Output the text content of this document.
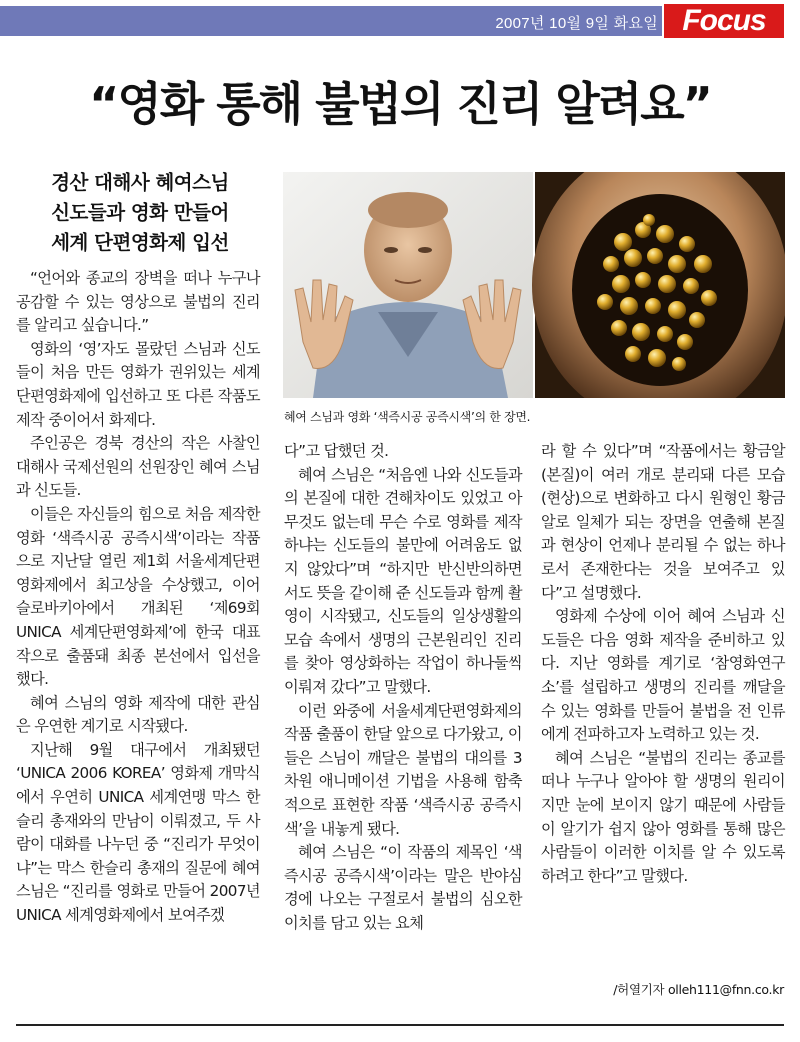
2007년 10월 9일 화요일 Focus
“영화 통해 불법의 진리 알려요”
경산 대해사 혜여스님
신도들과 영화 만들어
세계 단편영화제 입선
혜여 스님과 영화 ‘색즉시공 공즉시색’의 한 장면.

“언어와 종교의 장벽을 떠나 누구나 공감할 수 있는 영상으로 불법의 진리를 알리고 싶습니다.”

영화의 ‘영’자도 몰랐던 스님과 신도들이 처음 만든 영화가 권위있는 세계단편영화제에 입선하고 또 다른 작품도 제작 중이어서 화제다.

주인공은 경북 경산의 작은 사찰인 대해사 국제선원의 선원장인 혜여 스님과 신도들.

이들은 자신들의 힘으로 처음 제작한 영화 ‘색즉시공 공즉시색’이라는 작품으로 지난달 열린 제1회 서울세계단편영화제에서 최고상을 수상했고, 이어 슬로바키아에서 개최된 ‘제69회 UNICA 세계단편영화제’에 한국 대표작으로 출품돼 최종 본선에서 입선을 했다.

혜여 스님의 영화 제작에 대한 관심은 우연한 계기로 시작됐다.

지난해 9월 대구에서 개최됐던 ‘UNICA 2006 KOREA’ 영화제 개막식에서 우연히 UNICA 세계연맹 막스 한슬리 총재와의 만남이 이뤄졌고, 두 사람이 대화를 나누던 중 “진리가 무엇이냐”는 막스 한슬리 총재의 질문에 혜여 스님은 “진리를 영화로 만들어 2007년 UNICA 세계영화제에서 보여주겠

다”고 답했던 것.

혜여 스님은 “처음엔 나와 신도들과의 본질에 대한 견해차이도 있었고 아무것도 없는데 무슨 수로 영화를 제작하냐는 신도들의 불만에 어려움도 없지 않았다”며 “하지만 반신반의하면서도 뜻을 같이해 준 신도들과 함께 촬영이 시작됐고, 신도들의 일상생활의 모습 속에서 생명의 근본원리인 진리를 찾아 영상화하는 작업이 하나둘씩 이뤄져 갔다”고 말했다.

이런 와중에 서울세계단편영화제의 작품 출품이 한달 앞으로 다가왔고, 이들은 스님이 깨달은 불법의 대의를 3차원 애니메이션 기법을 사용해 함축적으로 표현한 작품 ‘색즉시공 공즉시색’을 내놓게 됐다.

혜여 스님은 “이 작품의 제목인 ‘색즉시공 공즉시색’이라는 말은 반야심경에 나오는 구절로서 불법의 심오한 이치를 담고 있는 요체

라 할 수 있다”며 “작품에서는 황금알(본질)이 여러 개로 분리돼 다른 모습(현상)으로 변화하고 다시 원형인 황금알로 일체가 되는 장면을 연출해 본질과 현상이 언제나 분리될 수 없는 하나로서 존재한다는 것을 보여주고 있다”고 설명했다.

영화제 수상에 이어 혜여 스님과 신도들은 다음 영화 제작을 준비하고 있다. 지난 영화를 계기로 ‘참영화연구소’를 설립하고 생명의 진리를 깨달을 수 있는 영화를 만들어 불법을 전 인류에게 전파하고자 노력하고 있는 것.

혜여 스님은 “불법의 진리는 종교를 떠나 누구나 알아야 할 생명의 원리이지만 눈에 보이지 않기 때문에 사람들이 알기가 쉽지 않아 영화를 통해 많은 사람들이 이러한 이치를 알 수 있도록 하려고 한다”고 말했다.

/허열기자 olleh111@fnn.co.kr
